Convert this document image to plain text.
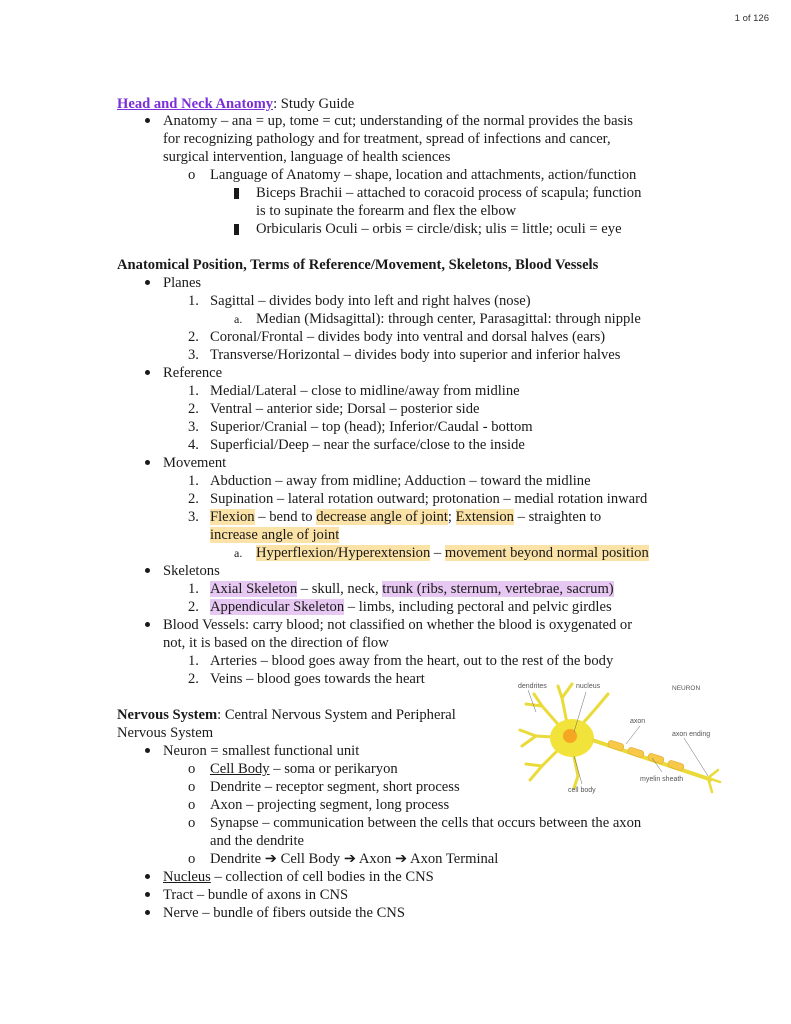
1 of 126
Head and Neck Anatomy: Study Guide
Anatomy – ana = up, tome = cut; understanding of the normal provides the basis
for recognizing pathology and for treatment, spread of infections and cancer,
surgical intervention, language of health sciences
o Language of Anatomy – shape, location and attachments, action/function
Biceps Brachii – attached to coracoid process of scapula; function
is to supinate the forearm and flex the elbow
Orbicularis Oculi – orbis = circle/disk; ulis = little; oculi = eye
Anatomical Position, Terms of Reference/Movement, Skeletons, Blood Vessels
Planes
1. Sagittal – divides body into left and right halves (nose)
a. Median (Midsagittal): through center, Parasagittal: through nipple
2. Coronal/Frontal – divides body into ventral and dorsal halves (ears)
3. Transverse/Horizontal – divides body into superior and inferior halves
Reference
1. Medial/Lateral – close to midline/away from midline
2. Ventral – anterior side; Dorsal – posterior side
3. Superior/Cranial – top (head); Inferior/Caudal - bottom
4. Superficial/Deep – near the surface/close to the inside
Movement
1. Abduction – away from midline; Adduction – toward the midline
2. Supination – lateral rotation outward; protonation – medial rotation inward
3. Flexion – bend to decrease angle of joint; Extension – straighten to
increase angle of joint
a. Hyperflexion/Hyperextension – movement beyond normal position
Skeletons
1. Axial Skeleton – skull, neck, trunk (ribs, sternum, vertebrae, sacrum)
2. Appendicular Skeleton – limbs, including pectoral and pelvic girdles
Blood Vessels: carry blood; not classified on whether the blood is oxygenated or
not, it is based on the direction of flow
1. Arteries – blood goes away from the heart, out to the rest of the body
2. Veins – blood goes towards the heart
Nervous System: Central Nervous System and Peripheral
Nervous System
Neuron = smallest functional unit
o Cell Body – soma or perikaryon
o Dendrite – receptor segment, short process
o Axon – projecting segment, long process
o Synapse – communication between the cells that occurs between the axon
and the dendrite
o Dendrite ➔ Cell Body ➔ Axon ➔ Axon Terminal
Nucleus – collection of cell bodies in the CNS
Tract – bundle of axons in CNS
Nerve – bundle of fibers outside the CNS
dendrites	nucleus	NEURON
axon
axon ending
myelin sheath
cell body
